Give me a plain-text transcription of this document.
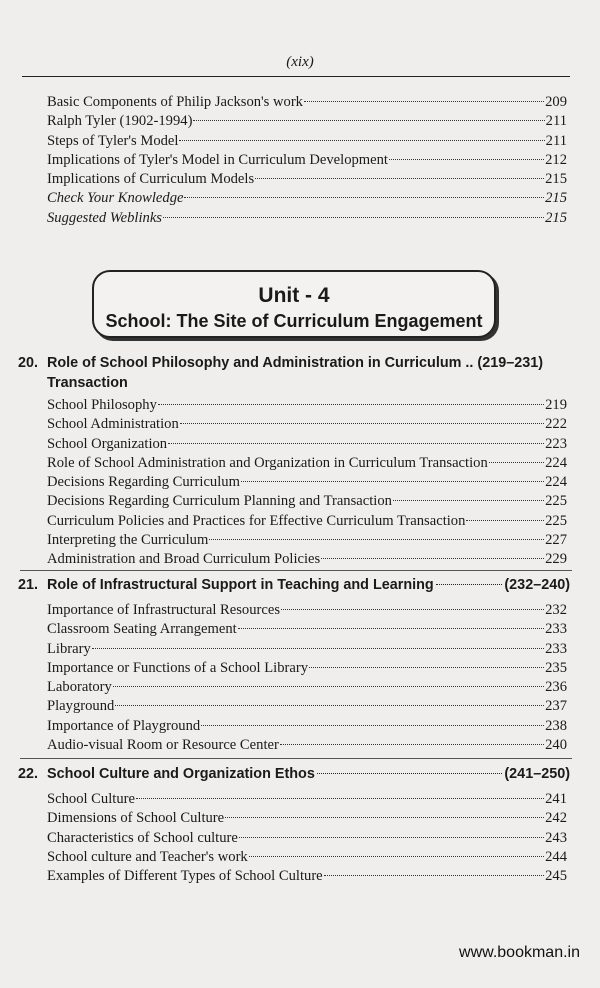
(xix)
Basic Components of Philip Jackson's work	209
Ralph Tyler (1902-1994)	211
Steps of Tyler's Model	211
Implications of Tyler's Model in Curriculum Development	212
Implications of Curriculum Models	215
Check Your Knowledge	215
Suggested Weblinks	215
Unit - 4
School: The Site of Curriculum Engagement
20. Role of School Philosophy and Administration in Curriculum .. (219–231)
Transaction
School Philosophy	219
School Administration	222
School Organization	223
Role of School Administration and Organization in Curriculum Transaction	224
Decisions Regarding Curriculum	224
Decisions Regarding Curriculum Planning and Transaction	225
Curriculum Policies and Practices for Effective Curriculum Transaction	225
Interpreting the Curriculum	227
Administration and Broad Curriculum Policies	229
21. Role of Infrastructural Support in Teaching and Learning	(232–240)
Importance of Infrastructural Resources	232
Classroom Seating Arrangement	233
Library	233
Importance or Functions of a School Library	235
Laboratory	236
Playground	237
Importance of Playground	238
Audio-visual Room or Resource Center	240
22. School Culture and Organization Ethos	(241–250)
School Culture	241
Dimensions of School Culture	242
Characteristics of School culture	243
School culture and Teacher's work	244
Examples of Different Types of School Culture	245
www.bookman.in
